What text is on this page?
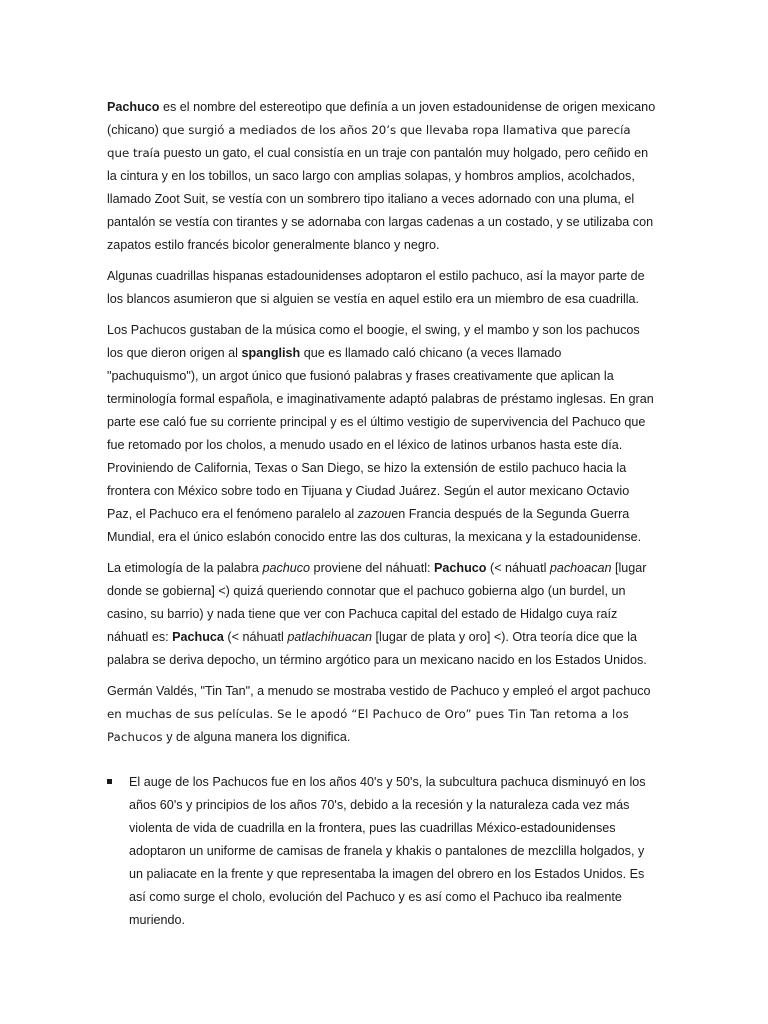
Pachuco es el nombre del estereotipo que definía a un joven estadounidense de origen mexicano (chicano) que surgió a mediados de los años 20’s que llevaba ropa llamativa que parecía que traía puesto un gato, el cual consistía en un traje con pantalón muy holgado, pero ceñido en la cintura y en los tobillos, un saco largo con amplias solapas, y hombros amplios, acolchados, llamado Zoot Suit, se vestía con un sombrero tipo italiano a veces adornado con una pluma, el pantalón se vestía con tirantes y se adornaba con largas cadenas a un costado, y se utilizaba con zapatos estilo francés bicolor generalmente blanco y negro.

Algunas cuadrillas hispanas estadounidenses adoptaron el estilo pachuco, así la mayor parte de los blancos asumieron que si alguien se vestía en aquel estilo era un miembro de esa cuadrilla.

Los Pachucos gustaban de la música como el boogie, el swing, y el mambo y son los pachucos los que dieron origen al spanglish que es llamado caló chicano (a veces llamado "pachuquismo"), un argot único que fusionó palabras y frases creativamente que aplican la terminología formal española, e imaginativamente adaptó palabras de préstamo inglesas. En gran parte ese caló fue su corriente principal y es el último vestigio de supervivencia del Pachuco que fue retomado por los cholos, a menudo usado en el léxico de latinos urbanos hasta este día. Proviniendo de California, Texas o San Diego, se hizo la extensión de estilo pachuco hacia la frontera con México sobre todo en Tijuana y Ciudad Juárez. Según el autor mexicano Octavio Paz, el Pachuco era el fenómeno paralelo al zazouen Francia después de la Segunda Guerra Mundial, era el único eslabón conocido entre las dos culturas, la mexicana y la estadounidense.

La etimología de la palabra pachuco proviene del náhuatl: Pachuco (< náhuatl pachoacan [lugar donde se gobierna] <) quizá queriendo connotar que el pachuco gobierna algo (un burdel, un casino, su barrio) y nada tiene que ver con Pachuca capital del estado de Hidalgo cuya raíz náhuatl es: Pachuca (< náhuatl patlachihuacan [lugar de plata y oro] <). Otra teoría dice que la palabra se deriva depocho, un término argótico para un mexicano nacido en los Estados Unidos.

Germán Valdés, "Tin Tan", a menudo se mostraba vestido de Pachuco y empleó el argot pachuco en muchas de sus películas. Se le apodó “El Pachuco de Oro” pues Tin Tan retoma a los Pachucos y de alguna manera los dignifica.

El auge de los Pachucos fue en los años 40's y 50's, la subcultura pachuca disminuyó en los años 60's y principios de los años 70's, debido a la recesión y la naturaleza cada vez más violenta de vida de cuadrilla en la frontera, pues las cuadrillas México-estadounidenses adoptaron un uniforme de camisas de franela y khakis o pantalones de mezclilla holgados, y un paliacate en la frente y que representaba la imagen del obrero en los Estados Unidos. Es así como surge el cholo, evolución del Pachuco y es así como el Pachuco iba realmente muriendo.
